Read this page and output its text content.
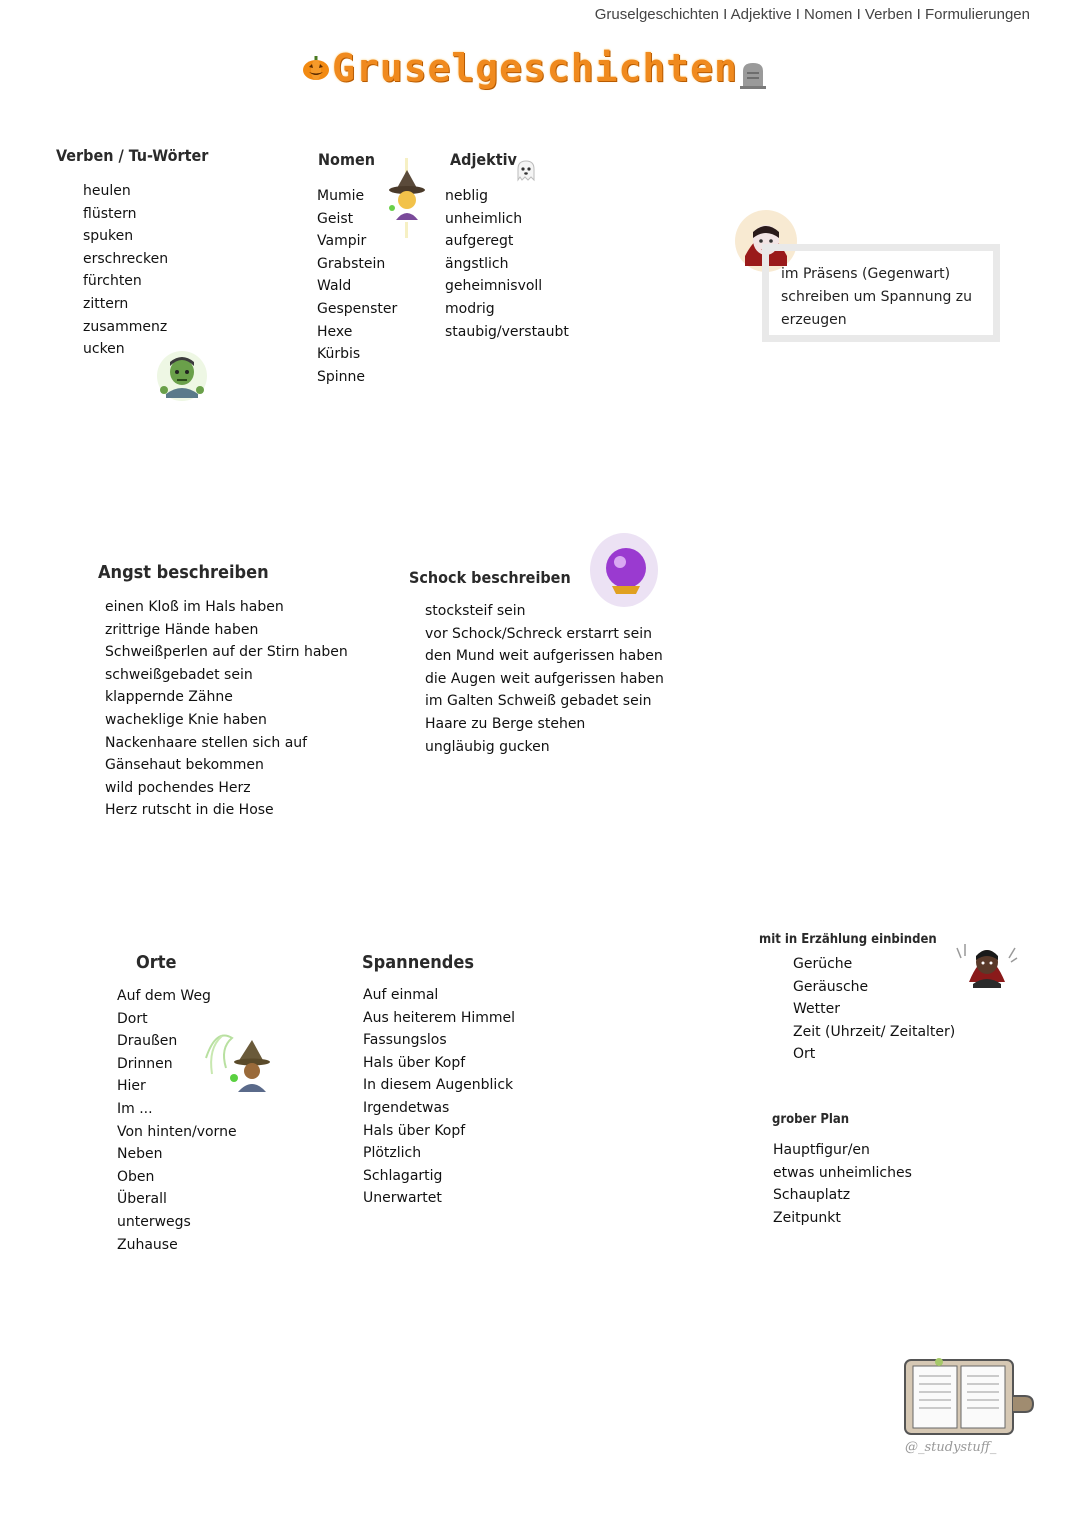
Gruselgeschichten I Adjektive I Nomen I Verben I Formulierungen
Gruselgeschichten
Verben / Tu-Wörter
heulen
flüstern
spuken
erschrecken
fürchten
zittern
zusammenz
ucken
Nomen
Mumie
Geist
Vampir
Grabstein
Wald
Gespenster
Hexe
Kürbis
Spinne
Adjektiv
neblig
unheimlich
aufgeregt
ängstlich
geheimnisvoll
modrig
staubig/verstaubt

im Präsens (Gegenwart)

schreiben um Spannung zu

erzeugen

Angst beschreiben
einen Kloß im Hals haben
zrittrige Hände haben
Schweißperlen auf der Stirn haben
schweißgebadet sein
klappernde Zähne
wacheklige Knie haben
Nackenhaare stellen sich auf
Gänsehaut bekommen
wild pochendes Herz
Herz rutscht in die Hose
Schock beschreiben
stocksteif sein
vor Schock/Schreck erstarrt sein
den Mund weit aufgerissen haben
die Augen weit aufgerissen haben
im Galten Schweiß gebadet sein
Haare zu Berge stehen
ungläubig gucken
Orte
Auf dem Weg
Dort
Draußen
Drinnen
Hier
Im ...
Von hinten/vorne
Neben
Oben
Überall
unterwegs
Zuhause
Spannendes
Auf einmal
Aus heiterem Himmel
Fassungslos
Hals über Kopf
In diesem Augenblick
Irgendetwas
Hals über Kopf
Plötzlich
Schlagartig
Unerwartet
mit in Erzählung einbinden
Gerüche
Geräusche
Wetter
Zeit (Uhrzeit/ Zeitalter)
Ort
grober Plan
Hauptfigur/en
etwas unheimliches
Schauplatz
Zeitpunkt
@_studystuff_
